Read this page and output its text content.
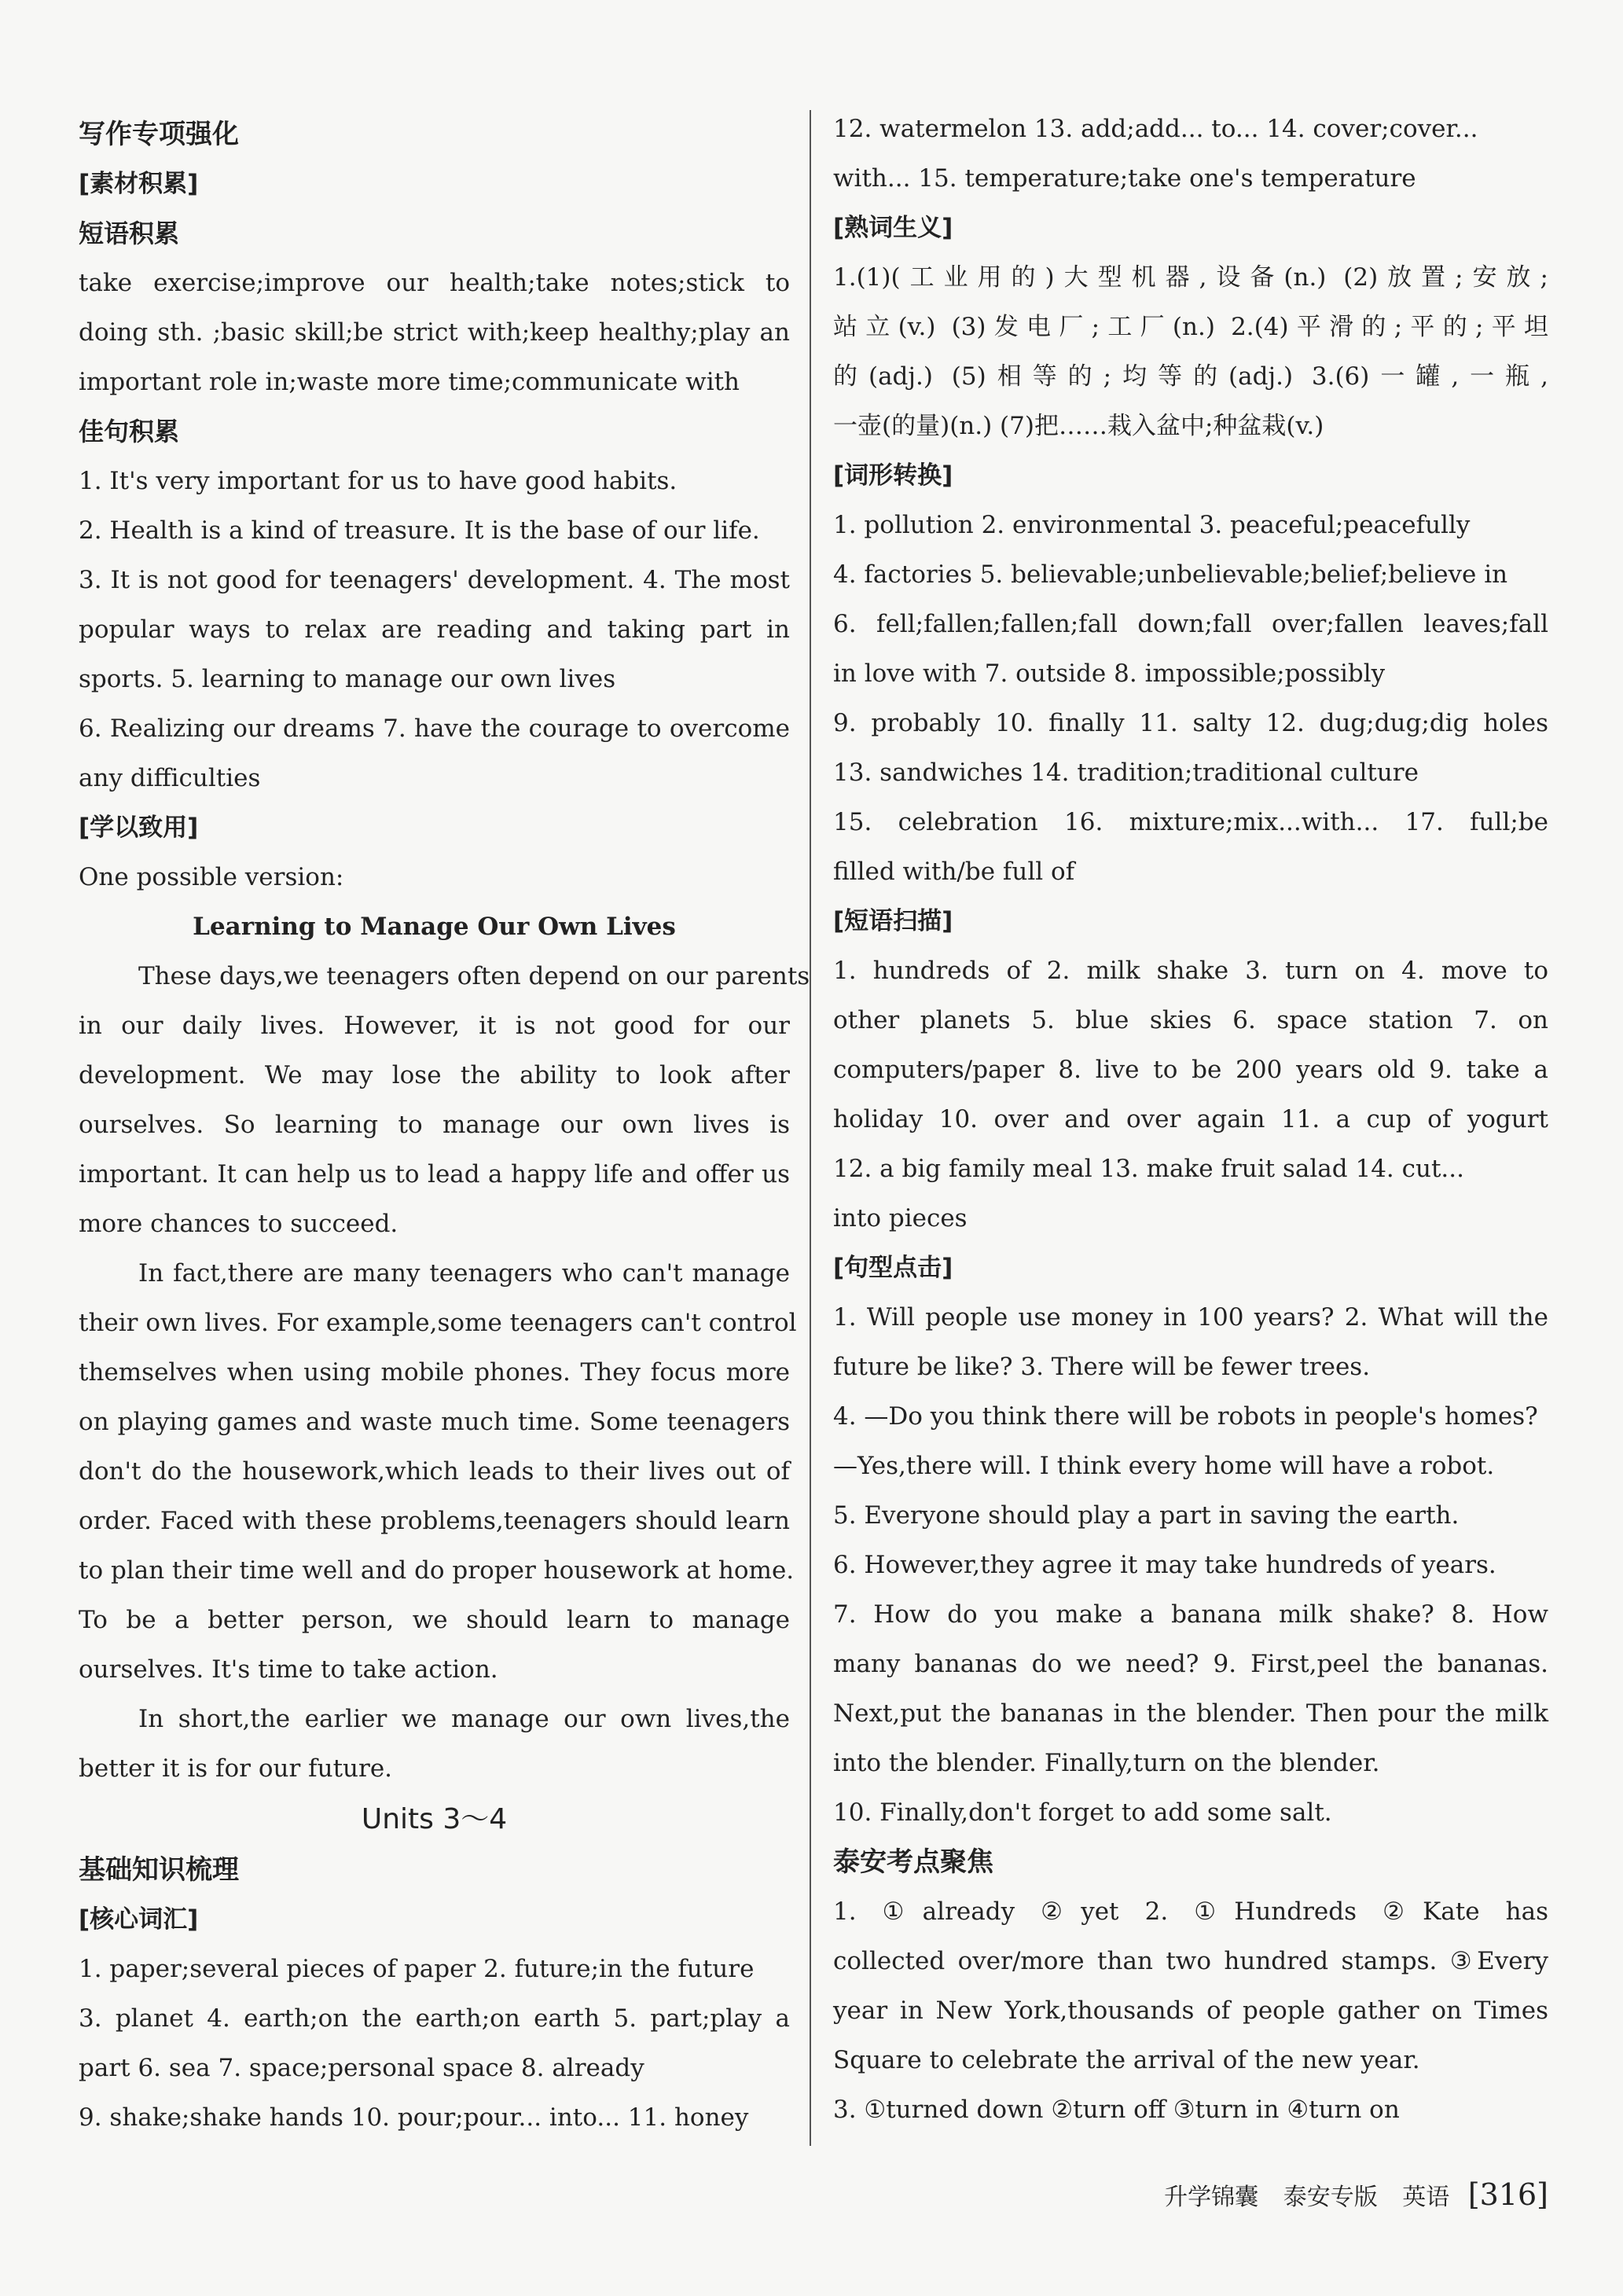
写作专项强化
[素材积累]
短语积累
take exercise;improve our health;take notes;stick to
doing sth. ;basic skill;be strict with;keep healthy;play an
important role in;waste more time;communicate with
佳句积累
1. It's very important for us to have good habits.
2. Health is a kind of treasure. It is the base of our life.
3. It is not good for teenagers' development. 4. The most
popular ways to relax are reading and taking part in
sports. 5. learning to manage our own lives
6. Realizing our dreams 7. have the courage to overcome
any difficulties
[学以致用]
One possible version:
Learning to Manage Our Own Lives
These days,we teenagers often depend on our parents
in our daily lives. However, it is not good for our
development. We may lose the ability to look after
ourselves. So learning to manage our own lives is
important. It can help us to lead a happy life and offer us
more chances to succeed.
In fact,there are many teenagers who can't manage
their own lives. For example,some teenagers can't control
themselves when using mobile phones. They focus more
on playing games and waste much time. Some teenagers
don't do the housework,which leads to their lives out of
order. Faced with these problems,teenagers should learn
to plan their time well and do proper housework at home.
To be a better person, we should learn to manage
ourselves. It's time to take action.
In short,the earlier we manage our own lives,the
better it is for our future.
Units 3～4
基础知识梳理
[核心词汇]
1. paper;several pieces of paper 2. future;in the future
3. planet 4. earth;on the earth;on earth 5. part;play a
part 6. sea 7. space;personal space 8. already
9. shake;shake hands 10. pour;pour... into... 11. honey
12. watermelon 13. add;add... to... 14. cover;cover...
with... 15. temperature;take one's temperature
[熟词生义]
1.(1)(工业用的)大型机器,设备(n.) (2)放置;安放;
站立(v.) (3)发电厂;工厂(n.) 2.(4)平滑的;平的;平坦
的(adj.) (5)相等的;均等的(adj.) 3.(6)一罐,一瓶,
一壶(的量)(n.) (7)把……栽入盆中;种盆栽(v.)
[词形转换]
1. pollution 2. environmental 3. peaceful;peacefully
4. factories 5. believable;unbelievable;belief;believe in
6. fell;fallen;fallen;fall down;fall over;fallen leaves;fall
in love with 7. outside 8. impossible;possibly
9. probably 10. finally 11. salty 12. dug;dug;dig holes
13. sandwiches 14. tradition;traditional culture
15. celebration 16. mixture;mix...with... 17. full;be
filled with/be full of
[短语扫描]
1. hundreds of 2. milk shake 3. turn on 4. move to
other planets 5. blue skies 6. space station 7. on
computers/paper 8. live to be 200 years old 9. take a
holiday 10. over and over again 11. a cup of yogurt
12. a big family meal 13. make fruit salad 14. cut...
into pieces
[句型点击]
1. Will people use money in 100 years? 2. What will the
future be like? 3. There will be fewer trees.
4. —Do you think there will be robots in people's homes?
—Yes,there will. I think every home will have a robot.
5. Everyone should play a part in saving the earth.
6. However,they agree it may take hundreds of years.
7. How do you make a banana milk shake? 8. How
many bananas do we need? 9. First,peel the bananas.
Next,put the bananas in the blender. Then pour the milk
into the blender. Finally,turn on the blender.
10. Finally,don't forget to add some salt.
泰安考点聚焦
1. ①already ②yet 2. ①Hundreds ②Kate has
collected over/more than two hundred stamps. ③Every
year in New York,thousands of people gather on Times
Square to celebrate the arrival of the new year.
3. ①turned down ②turn off ③turn in ④turn on
升学锦囊 泰安专版 英语 [316]
